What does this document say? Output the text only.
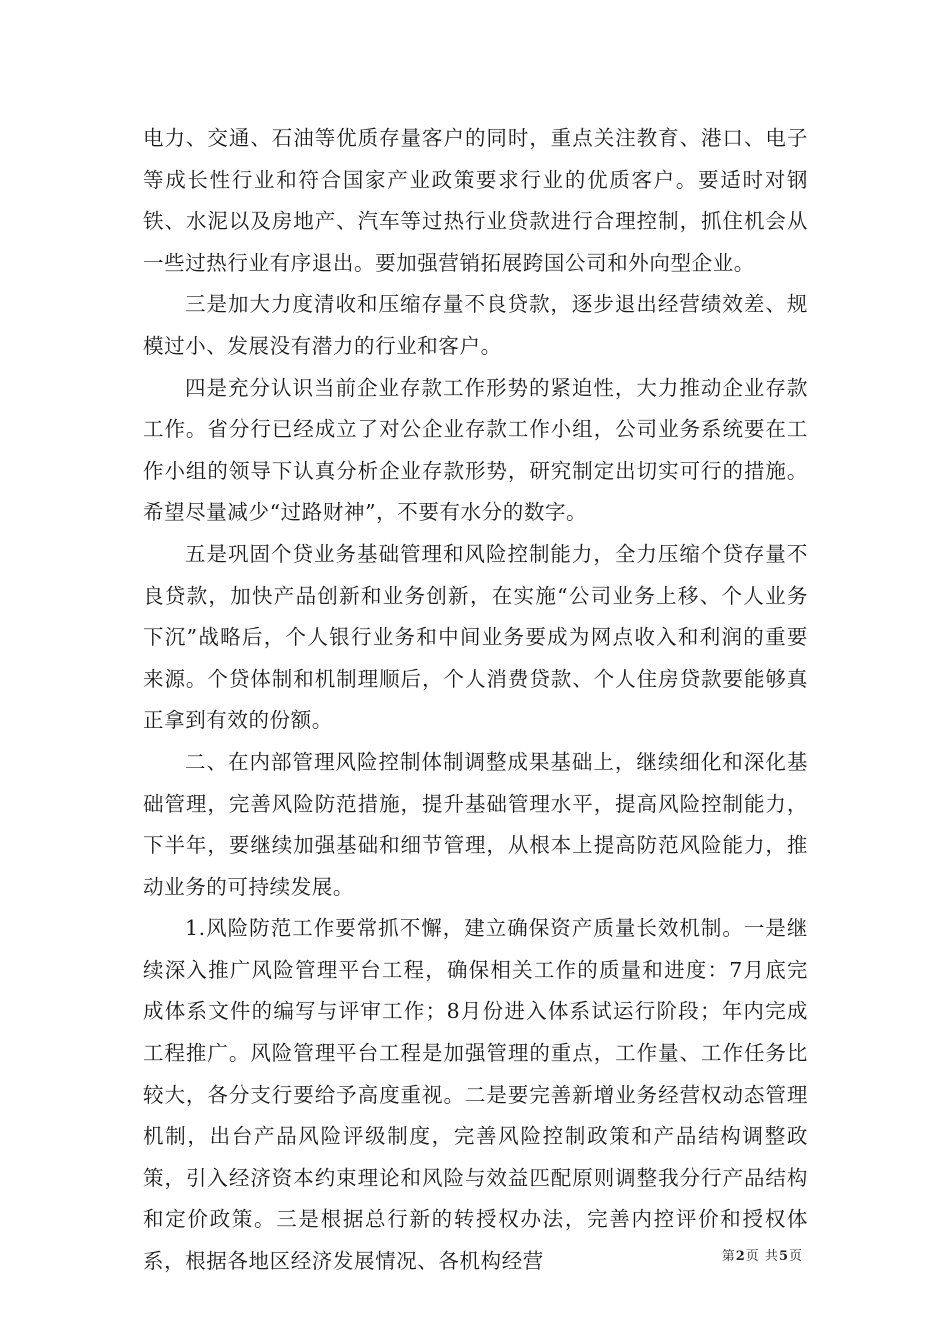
电力、交通、石油等优质存量客户的同时，重点关注教育、港口、电子等成长性行业和符合国家产业政策要求行业的优质客户。要适时对钢铁、水泥以及房地产、汽车等过热行业贷款进行合理控制，抓住机会从一些过热行业有序退出。要加强营销拓展跨国公司和外向型企业。

三是加大力度清收和压缩存量不良贷款，逐步退出经营绩效差、规模过小、发展没有潜力的行业和客户。

四是充分认识当前企业存款工作形势的紧迫性，大力推动企业存款工作。省分行已经成立了对公企业存款工作小组，公司业务系统要在工作小组的领导下认真分析企业存款形势，研究制定出切实可行的措施。希望尽量减少“过路财神”，不要有水分的数字。

五是巩固个贷业务基础管理和风险控制能力，全力压缩个贷存量不良贷款，加快产品创新和业务创新，在实施“公司业务上移、个人业务下沉”战略后，个人银行业务和中间业务要成为网点收入和利润的重要来源。个贷体制和机制理顺后，个人消费贷款、个人住房贷款要能够真正拿到有效的份额。

二、在内部管理风险控制体制调整成果基础上，继续细化和深化基础管理，完善风险防范措施，提升基础管理水平，提高风险控制能力，下半年，要继续加强基础和细节管理，从根本上提高防范风险能力，推动业务的可持续发展。

1.风险防范工作要常抓不懈，建立确保资产质量长效机制。一是继续深入推广风险管理平台工程，确保相关工作的质量和进度：7月底完成体系文件的编写与评审工作；8月份进入体系试运行阶段；年内完成工程推广。风险管理平台工程是加强管理的重点，工作量、工作任务比较大，各分支行要给予高度重视。二是要完善新增业务经营权动态管理机制，出台产品风险评级制度，完善风险控制政策和产品结构调整政策，引入经济资本约束理论和风险与效益匹配原则调整我分行产品结构和定价政策。三是根据总行新的转授权办法，完善内控评价和授权体系，根据各地区经济发展情况、各机构经营	第2页 共5页
